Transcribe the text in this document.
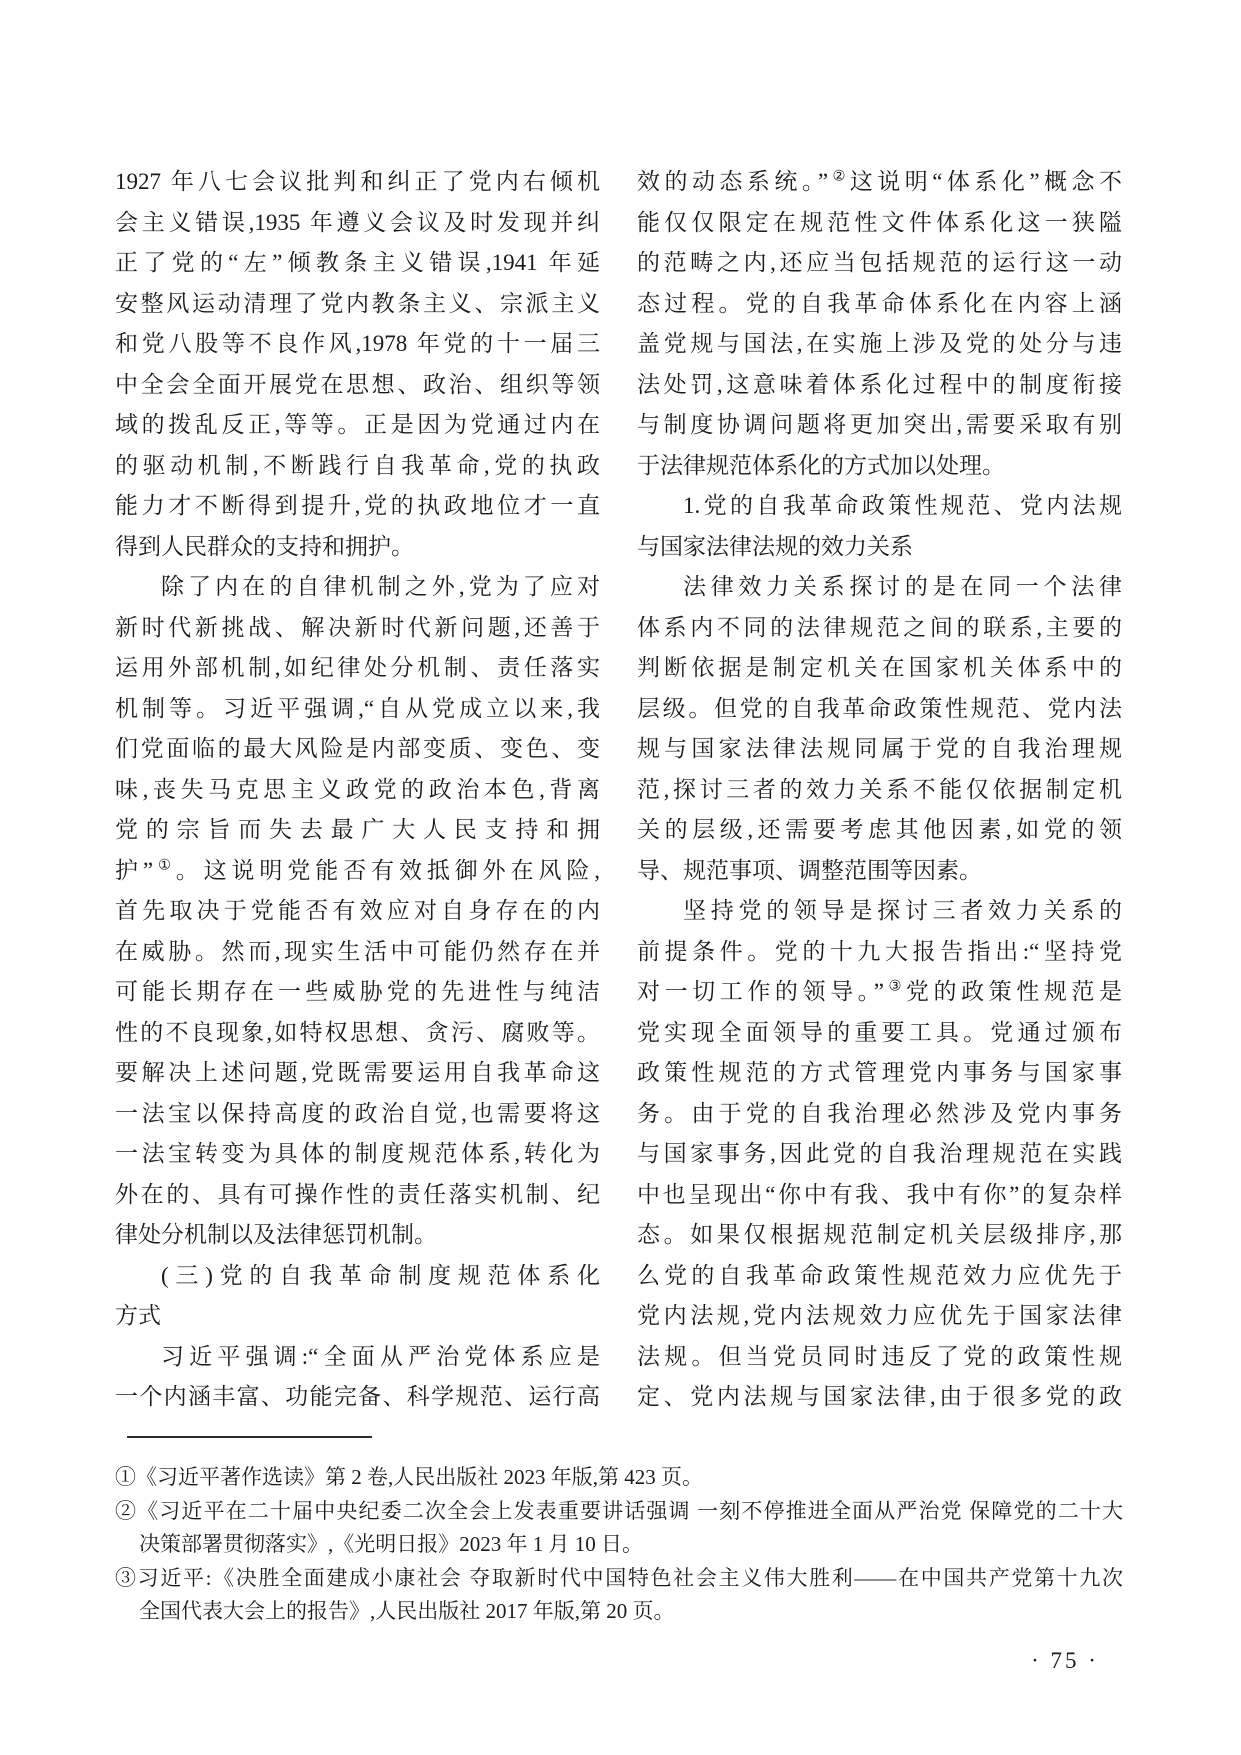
1927 年八七会议批判和纠正了党内右倾机
会主义错误,1935 年遵义会议及时发现并纠
正了党的“左”倾教条主义错误,1941 年延
安整风运动清理了党内教条主义、宗派主义
和党八股等不良作风,1978 年党的十一届三
中全会全面开展党在思想、政治、组织等领
域的拨乱反正,等等。正是因为党通过内在
的驱动机制,不断践行自我革命,党的执政
能力才不断得到提升,党的执政地位才一直
得到人民群众的支持和拥护。
除了内在的自律机制之外,党为了应对
新时代新挑战、解决新时代新问题,还善于
运用外部机制,如纪律处分机制、责任落实
机制等。习近平强调,“自从党成立以来,我
们党面临的最大风险是内部变质、变色、变
味,丧失马克思主义政党的政治本色,背离
党的宗旨而失去最广大人民支持和拥
护”①。这说明党能否有效抵御外在风险,
首先取决于党能否有效应对自身存在的内
在威胁。然而,现实生活中可能仍然存在并
可能长期存在一些威胁党的先进性与纯洁
性的不良现象,如特权思想、贪污、腐败等。
要解决上述问题,党既需要运用自我革命这
一法宝以保持高度的政治自觉,也需要将这
一法宝转变为具体的制度规范体系,转化为
外在的、具有可操作性的责任落实机制、纪
律处分机制以及法律惩罚机制。
(三)党的自我革命制度规范体系化
方式
习近平强调:“全面从严治党体系应是
一个内涵丰富、功能完备、科学规范、运行高
效的动态系统。”②这说明“体系化”概念不
能仅仅限定在规范性文件体系化这一狭隘
的范畴之内,还应当包括规范的运行这一动
态过程。党的自我革命体系化在内容上涵
盖党规与国法,在实施上涉及党的处分与违
法处罚,这意味着体系化过程中的制度衔接
与制度协调问题将更加突出,需要采取有别
于法律规范体系化的方式加以处理。
1.党的自我革命政策性规范、党内法规
与国家法律法规的效力关系
法律效力关系探讨的是在同一个法律
体系内不同的法律规范之间的联系,主要的
判断依据是制定机关在国家机关体系中的
层级。但党的自我革命政策性规范、党内法
规与国家法律法规同属于党的自我治理规
范,探讨三者的效力关系不能仅依据制定机
关的层级,还需要考虑其他因素,如党的领
导、规范事项、调整范围等因素。
坚持党的领导是探讨三者效力关系的
前提条件。党的十九大报告指出:“坚持党
对一切工作的领导。”③党的政策性规范是
党实现全面领导的重要工具。党通过颁布
政策性规范的方式管理党内事务与国家事
务。由于党的自我治理必然涉及党内事务
与国家事务,因此党的自我治理规范在实践
中也呈现出“你中有我、我中有你”的复杂样
态。如果仅根据规范制定机关层级排序,那
么党的自我革命政策性规范效力应优先于
党内法规,党内法规效力应优先于国家法律
法规。但当党员同时违反了党的政策性规
定、党内法规与国家法律,由于很多党的政
①《习近平著作选读》第 2 卷,人民出版社 2023 年版,第 423 页。
②《习近平在二十届中央纪委二次全会上发表重要讲话强调 一刻不停推进全面从严治党 保障党的二十大
决策部署贯彻落实》,《光明日报》2023 年 1 月 10 日。
③习近平:《决胜全面建成小康社会 夺取新时代中国特色社会主义伟大胜利——在中国共产党第十九次
全国代表大会上的报告》,人民出版社 2017 年版,第 20 页。
· 75 ·
